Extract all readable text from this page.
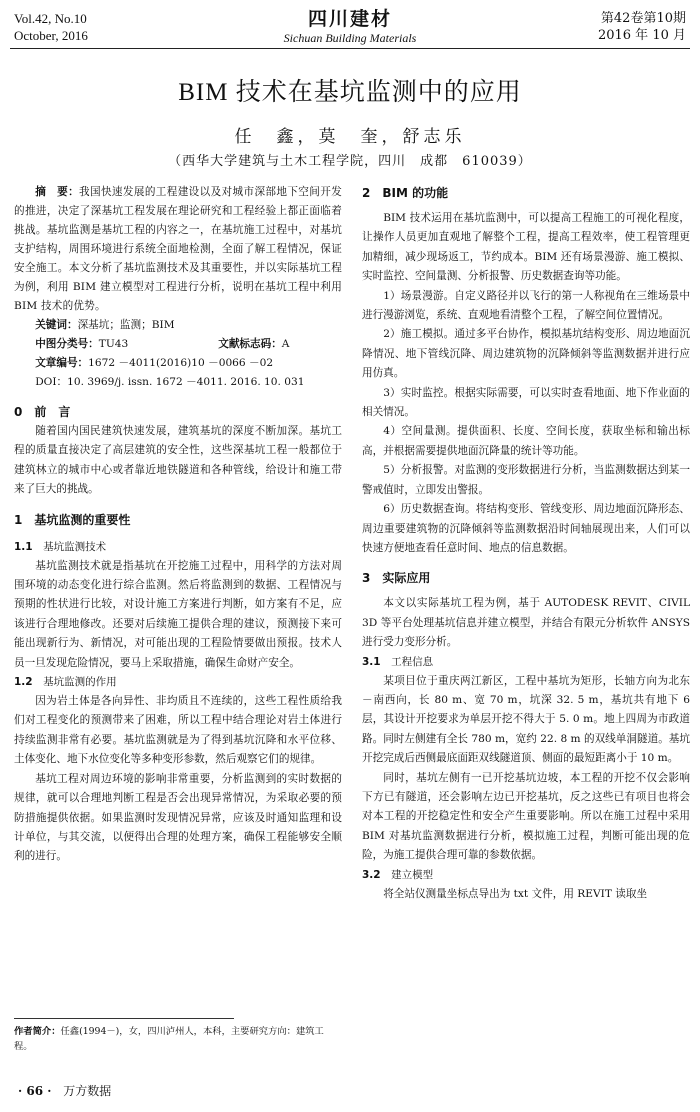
Vol.42, No.10
October, 2016
四川建材
Sichuan Building Materials
第42卷第10期
2016 年 10 月
BIM 技术在基坑监测中的应用
任　鑫，莫　奎，舒志乐
（西华大学建筑与土木工程学院，四川　成都　610039）

摘　要：我国快速发展的工程建设以及对城市深部地下空间开发的推进，决定了深基坑工程发展在理论研究和工程经验上都正面临着挑战。基坑监测是基坑工程的内容之一，在基坑施工过程中，对基坑支护结构，周围环境进行系统全面地检测，全面了解工程情况，保证安全施工。本文分析了基坑监测技术及其重要性，并以实际基坑工程为例，利用 BIM 建立模型对工程进行分析，说明在基坑工程中利用 BIM 技术的优势。

关键词：深基坑；监测；BIM

中图分类号：TU43	文献标志码：A

文章编号：1672 －4011(2016)10 －0066 －02

DOI：10. 3969/j. issn. 1672 －4011. 2016. 10. 031

0　前　言

随着国内国民建筑快速发展，建筑基坑的深度不断加深。基坑工程的质量直接决定了高层建筑的安全性，这些深基坑工程一般都位于建筑林立的城市中心或者靠近地铁隧道和各种管线，给设计和施工带来了巨大的挑战。

1　基坑监测的重要性
1.1　 基坑监测技术

基坑监测技术就是指基坑在开挖施工过程中，用科学的方法对周围环境的动态变化进行综合监测。然后将监测到的数据、工程情况与预期的性状进行比较，对设计施工方案进行判断，如方案有不足，应该进行合理地修改。还要对后续施工提供合理的建议，预测接下来可能出现新行为、新情况，对可能出现的工程险情要做出预报。技术人员一旦发现危险情况，要马上采取措施，确保生命财产安全。

1.2　 基坑监测的作用

因为岩土体是各向异性、非均质且不连续的，这些工程性质给我们对工程变化的预测带来了困难，所以工程中结合理论对岩土体进行持续监测非常有必要。基坑监测就是为了得到基坑沉降和水平位移、土体变化、地下水位变化等多种变形参数，然后观察它们的规律。

基坑工程对周边环境的影响非常重要，分析监测到的实时数据的规律，就可以合理地判断工程是否会出现异常情况，为采取必要的预防措施提供依据。如果监测时发现情况异常，应该及时通知监理和设计单位，与其交流，以便得出合理的处理方案，确保工程能够安全顺利的进行。

2　BIM 的功能

BIM 技术运用在基坑监测中，可以提高工程施工的可视化程度，让操作人员更加直观地了解整个工程，提高工程效率，使工程管理更加精细，减少现场返工，节约成本。BIM 还有场景漫游、施工模拟、实时监控、空间量测、分析报警、历史数据查询等功能。

1）场景漫游。自定义路径并以飞行的第一人称视角在三维场景中进行漫游浏览，系统、直观地看清整个工程，了解空间位置情况。

2）施工模拟。通过多平台协作，模拟基坑结构变形、周边地面沉降情况、地下管线沉降、周边建筑物的沉降倾斜等监测数据并进行应用仿真。

3）实时监控。根据实际需要，可以实时查看地面、地下作业面的相关情况。

4）空间量测。提供面积、长度、空间长度，获取坐标和输出标高，并根据需要提供地面沉降量的统计等功能。

5）分析报警。对监测的变形数据进行分析，当监测数据达到某一警戒值时，立即发出警报。

6）历史数据查询。将结构变形、管线变形、周边地面沉降形态、周边重要建筑物的沉降倾斜等监测数据沿时间轴展现出来，人们可以快速方便地查看任意时间、地点的信息数据。

3　实际应用

本文以实际基坑工程为例，基于 AUTODESK REVIT、CIVIL 3D 等平台处理基坑信息并建立模型，并结合有限元分析软件 ANSYS 进行受力变形分析。

3.1　 工程信息

某项目位于重庆两江新区，工程中基坑为矩形，长轴方向为北东－南西向，长 80 m、宽 70 m，坑深 32. 5 m，基坑共有地下 6 层，其设计开挖要求为单层开挖不得大于 5. 0 m。地上四周为市政道路。同时左侧建有全长 780 m，宽约 22. 8 m 的双线单洞隧道。基坑开挖完成后西侧最底面距双线隧道顶、侧面的最短距离小于 10 m。

同时，基坑左侧有一已开挖基坑边坡，本工程的开挖不仅会影响下方已有隧道，还会影响左边已开挖基坑，反之这些已有项目也将会对本工程的开挖稳定性和安全产生重要影响。所以在施工过程中采用 BIM 对基坑监测数据进行分析，模拟施工过程，判断可能出现的危险，为施工提供合理可靠的参数依据。

3.2　 建立模型

将全站仪测量坐标点导出为 txt 文件，用 REVIT 读取坐

作者简介：任鑫(1994－)，女，四川泸州人，本科，主要研究方向：建筑工程。
· 66 · 万方数据
